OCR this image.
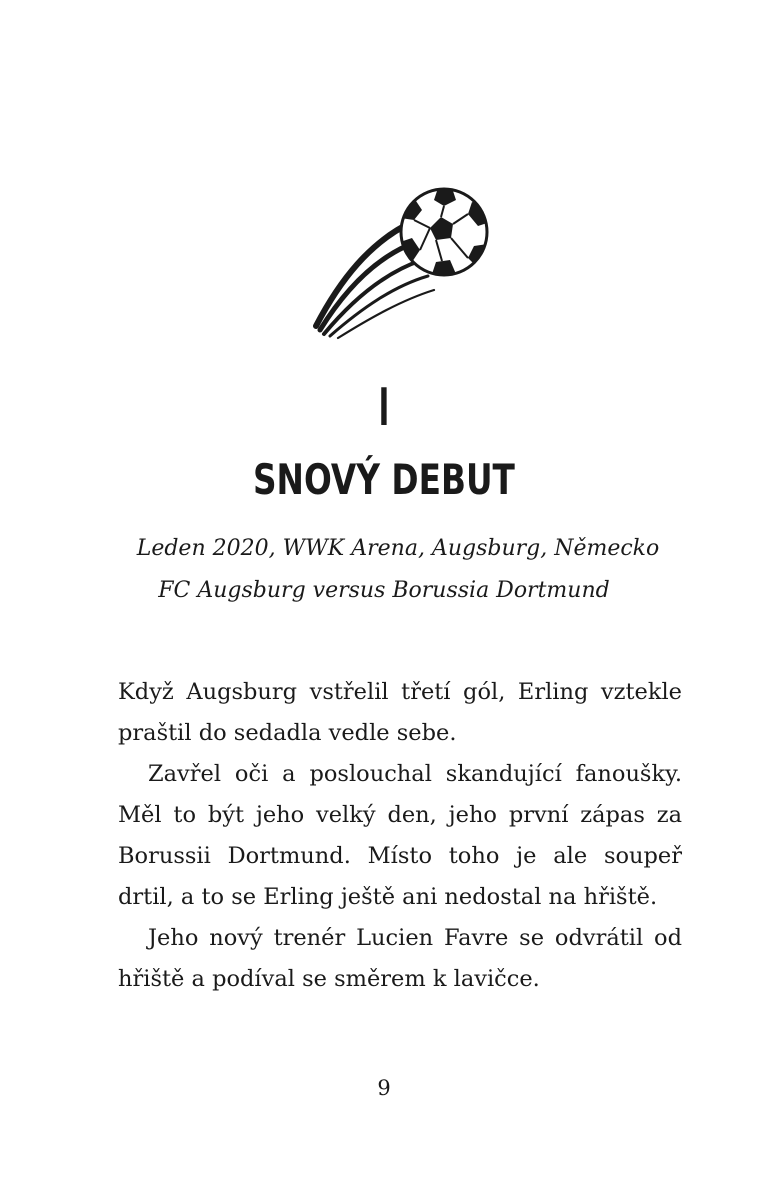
I
SNOVÝ DEBUT
Leden 2020, WWK Arena, Augsburg, Německo
FC Augsburg versus Borussia Dortmund

Když Augsburg vstřelil třetí gól, Erling vztekle praštil do sedadla vedle sebe.

Zavřel oči a poslouchal skandující fanoušky. Měl to být jeho velký den, jeho první zápas za Borussii Dortmund. Místo toho je ale soupeř drtil, a to se Erling ještě ani nedostal na hřiště.

Jeho nový trenér Lucien Favre se odvrátil od hřiště a podíval se směrem k lavičce.

9
